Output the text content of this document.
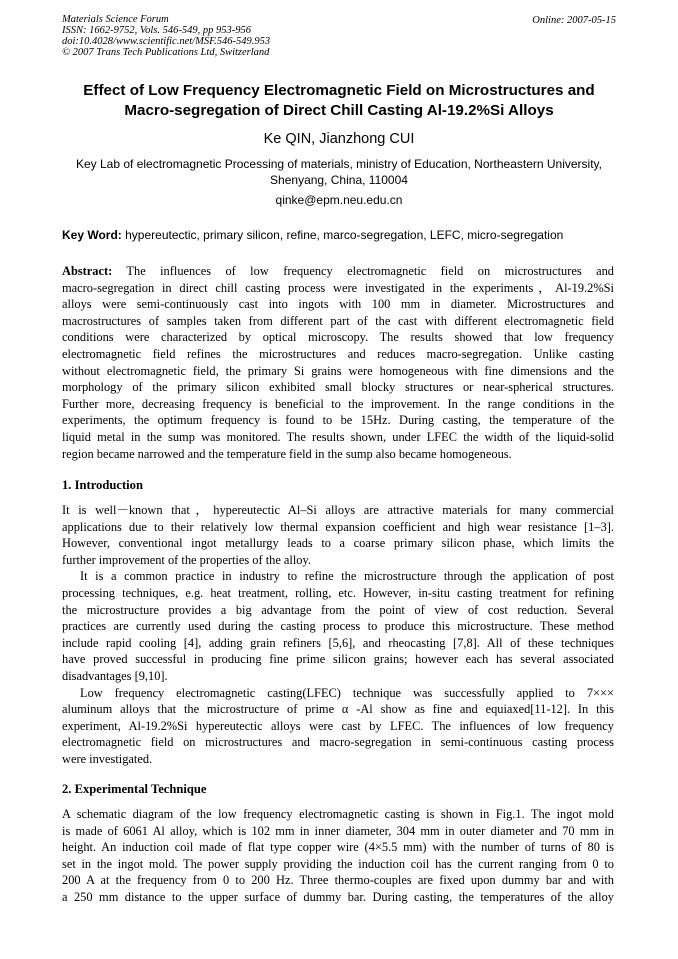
Materials Science Forum
ISSN: 1662-9752, Vols. 546-549, pp 953-956
doi:10.4028/www.scientific.net/MSF.546-549.953
© 2007 Trans Tech Publications Ltd, Switzerland
Online: 2007-05-15
Effect of Low Frequency Electromagnetic Field on Microstructures and
Macro-segregation of Direct Chill Casting Al-19.2%Si Alloys
Ke QIN, Jianzhong CUI
Key Lab of electromagnetic Processing of materials, ministry of Education, Northeastern University,
Shenyang, China, 110004
qinke@epm.neu.edu.cn
Key Word: hypereutectic, primary silicon, refine, marco-segregation, LEFC, micro-segregation
Abstract: The influences of low frequency electromagnetic field on microstructures and
macro-segregation in direct chill casting process were investigated in the experiments，Al-19.2%Si
alloys were semi-continuously cast into ingots with 100 mm in diameter. Microstructures and
macrostructures of samples taken from different part of the cast with different electromagnetic field
conditions were characterized by optical microscopy. The results showed that low frequency
electromagnetic field refines the microstructures and reduces macro-segregation. Unlike casting
without electromagnetic field, the primary Si grains were homogeneous with fine dimensions and the
morphology of the primary silicon exhibited small blocky structures or near-spherical structures.
Further more, decreasing frequency is beneficial to the improvement. In the range conditions in the
experiments, the optimum frequency is found to be 15Hz. During casting, the temperature of the
liquid metal in the sump was monitored. The results shown, under LFEC the width of the liquid-solid
region became narrowed and the temperature field in the sump also became homogeneous.
1. Introduction
It is well－known that，hypereutectic Al–Si alloys are attractive materials for many commercial
applications due to their relatively low thermal expansion coefficient and high wear resistance [1–3].
However, conventional ingot metallurgy leads to a coarse primary silicon phase, which limits the
further improvement of the properties of the alloy.
It is a common practice in industry to refine the microstructure through the application of post
processing techniques, e.g. heat treatment, rolling, etc. However, in-situ casting treatment for refining
the microstructure provides a big advantage from the point of view of cost reduction. Several
practices are currently used during the casting process to produce this microstructure. These method
include rapid cooling [4], adding grain refiners [5,6], and rheocasting [7,8]. All of these techniques
have proved successful in producing fine prime silicon grains; however each has several associated
disadvantages [9,10].
Low frequency electromagnetic casting(LFEC) technique was successfully applied to 7×××
aluminum alloys that the microstructure of prime α -Al show as fine and equiaxed[11-12]. In this
experiment, Al-19.2%Si hypereutectic alloys were cast by LFEC. The influences of low frequency
electromagnetic field on microstructures and macro-segregation in semi-continuous casting process
were investigated.
2. Experimental Technique
A schematic diagram of the low frequency electromagnetic casting is shown in Fig.1. The ingot mold
is made of 6061 Al alloy, which is 102 mm in inner diameter, 304 mm in outer diameter and 70 mm in
height. An induction coil made of flat type copper wire (4×5.5 mm) with the number of turns of 80 is
set in the ingot mold. The power supply providing the induction coil has the current ranging from 0 to
200 A at the frequency from 0 to 200 Hz. Three thermo-couples are fixed upon dummy bar and with
a 250 mm distance to the upper surface of dummy bar. During casting, the temperatures of the alloy
